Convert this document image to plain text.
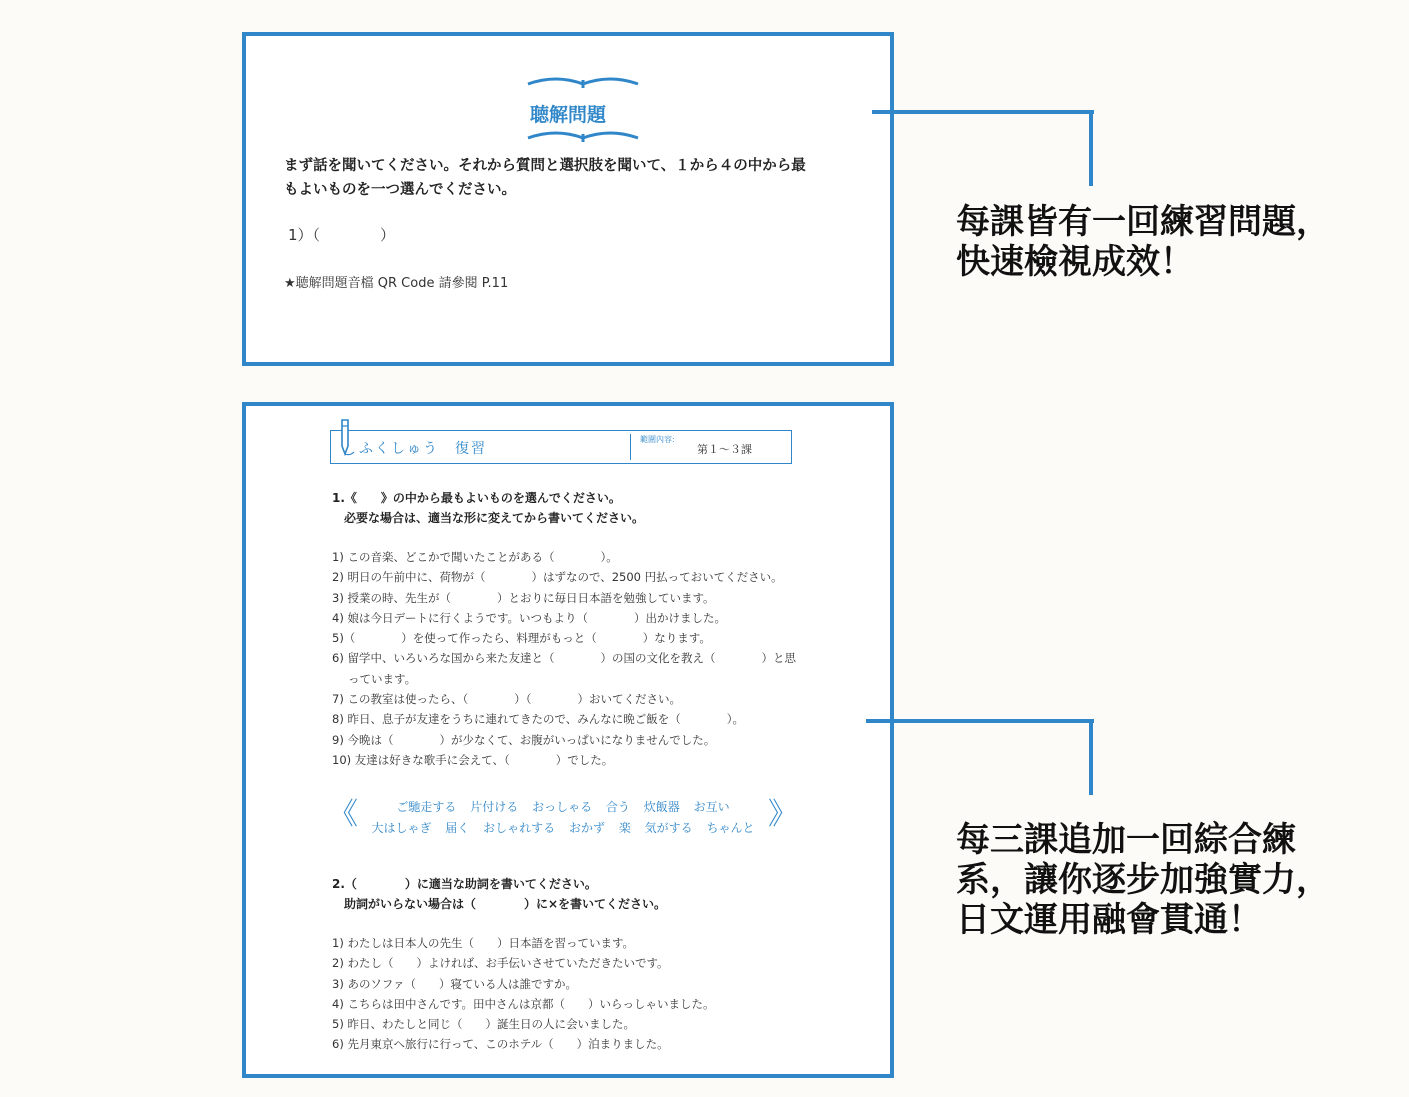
聴解問題
まず話を聞いてください。それから質問と選択肢を聞いて、１から４の中から最
もよいものを一つ選んでください。
1）（　　　　）
★聴解問題音檔 QR Code 請參閱 P.11
每課皆有一回練習問題，
快速檢視成效！
ふくしゅう　復習
範圍內容:
第１～３課
1.《　　》の中から最もよいものを選んでください。
必要な場合は、適当な形に変えてから書いてください。
1) この音楽、どこかで聞いたことがある（　　　　）。
2) 明日の午前中に、荷物が（　　　　）はずなので、2500 円払っておいてください。
3) 授業の時、先生が（　　　　）とおりに毎日日本語を勉強しています。
4) 娘は今日デートに行くようです。いつもより（　　　　）出かけました。
5)（　　　　）を使って作ったら、料理がもっと（　　　　）なります。
6) 留学中、いろいろな国から来た友達と（　　　　）の国の文化を教え（　　　　）と思
っています。
7) この教室は使ったら、（　　　　）（　　　　）おいてください。
8) 昨日、息子が友達をうちに連れてきたので、みんなに晩ご飯を（　　　　）。
9) 今晩は（　　　　）が少なくて、お腹がいっぱいになりませんでした。
10) 友達は好きな歌手に会えて、（　　　　）でした。
《	》
ご馳走する 片付ける おっしゃる 合う 炊飯器 お互い
大はしゃぎ 届く おしゃれする おかず 楽 気がする ちゃんと
2.（　　　　）に適当な助詞を書いてください。
助詞がいらない場合は（　　　　）に×を書いてください。
1) わたしは日本人の先生（　　）日本語を習っています。
2) わたし（　　）よければ、お手伝いさせていただきたいです。
3) あのソファ（　　）寝ている人は誰ですか。
4) こちらは田中さんです。田中さんは京都（　　）いらっしゃいました。
5) 昨日、わたしと同じ（　　）誕生日の人に会いました。
6) 先月東京へ旅行に行って、このホテル（　　）泊まりました。
每三課追加一回綜合練
系，讓你逐步加強實力，
日文運用融會貫通！
